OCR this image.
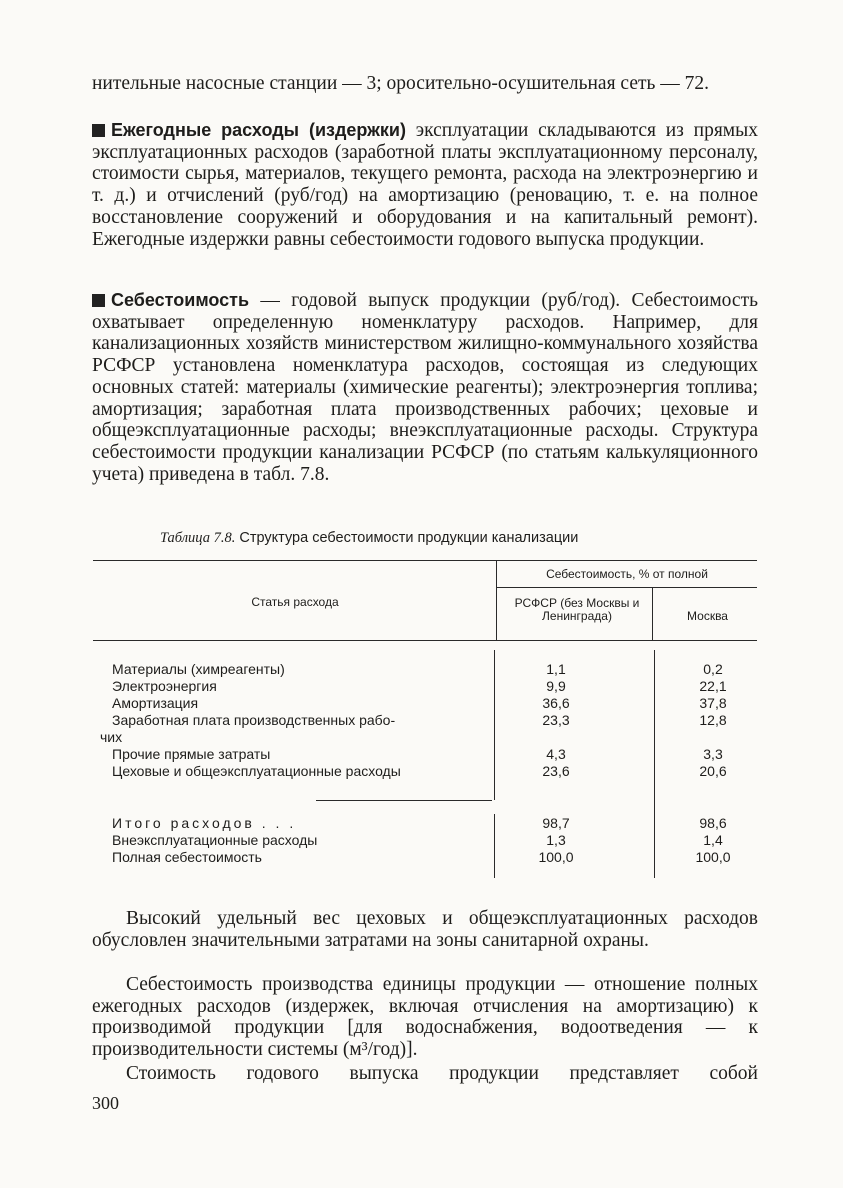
нительные насосные станции — 3; оросительно-осушительная сеть — 72.

Ежегодные расходы (издержки) эксплуатации складываются из прямых эксплуатационных расходов (заработной платы эксплуатационному персоналу, стоимости сырья, материалов, текущего ремонта, расхода на электроэнергию и т. д.) и отчислений (руб/год) на амортизацию (реновацию, т. е. на полное восстановление сооружений и оборудования и на капитальный ремонт). Ежегодные издержки равны себестоимости годового выпуска продукции.

Себестоимость — годовой выпуск продукции (руб/год). Себестоимость охватывает определенную номенклатуру расходов. Например, для канализационных хозяйств министерством жилищно-коммунального хозяйства РСФСР установлена номенклатура расходов, состоящая из следующих основных статей: материалы (химические реагенты); электроэнергия топлива; амортизация; заработная плата производственных рабочих; цеховые и общеэксплуатационные расходы; внеэксплуатационные расходы. Структура себестоимости продукции канализации РСФСР (по статьям калькуляционного учета) приведена в табл. 7.8.

Таблица 7.8. Структура себестоимости продукции канализации
Статья расхода
Себестоимость, % от полной
РСФСР (без Москвы и Ленинграда)	Москва
Материалы (химреагенты)	1,1	0,2
Электроэнергия	9,9	22,1
Амортизация	36,6	37,8
Заработная плата производственных рабо-	23,3	12,8
чих
Прочие прямые затраты	4,3	3,3
Цеховые и общеэксплуатационные расходы	23,6	20,6
Итого расходов . . .	98,7	98,6
Внеэксплуатационные расходы	1,3	1,4
Полная себестоимость	100,0	100,0

Высокий удельный вес цеховых и общеэксплуатационных расходов обусловлен значительными затратами на зоны санитарной охраны.

Себестоимость производства единицы продукции — отношение полных ежегодных расходов (издержек, включая отчисления на амортизацию) к производимой продукции [для водоснабжения, водоотведения — к производительности системы (м³/год)].

Стоимость годового выпуска продукции представляет собой

300
